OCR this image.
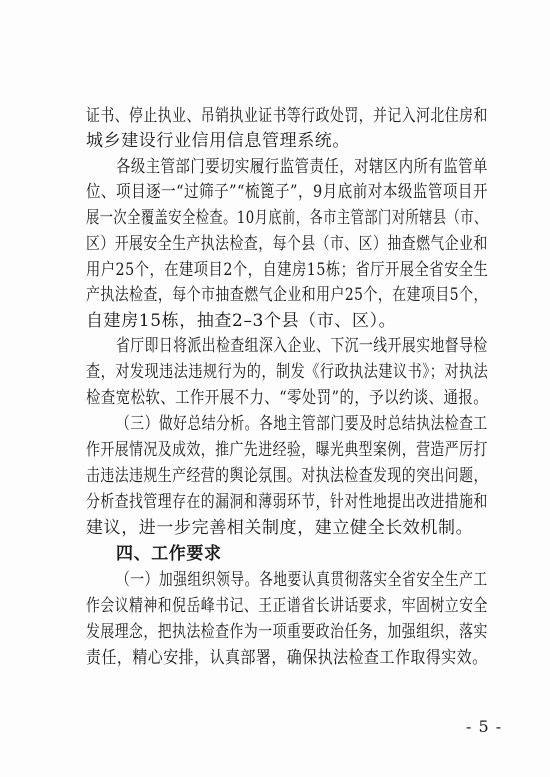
证书、停止执业、吊销执业证书等行政处罚，并记入河北住房和
城乡建设行业信用信息管理系统。
各级主管部门要切实履行监管责任，对辖区内所有监管单
位、项目逐一“过筛子”“梳篦子”，9月底前对本级监管项目开
展一次全覆盖安全检查。10月底前，各市主管部门对所辖县（市、
区）开展安全生产执法检查，每个县（市、区）抽查燃气企业和
用户25个，在建项目2个，自建房15栋；省厅开展全省安全生
产执法检查，每个市抽查燃气企业和用户25个，在建项目5个，
自建房15栋，抽查2–3个县（市、区）。
省厅即日将派出检查组深入企业、下沉一线开展实地督导检
查，对发现违法违规行为的，制发《行政执法建议书》；对执法
检查宽松软、工作开展不力、“零处罚”的，予以约谈、通报。
（三）做好总结分析。各地主管部门要及时总结执法检查工
作开展情况及成效，推广先进经验，曝光典型案例，营造严厉打
击违法违规生产经营的舆论氛围。对执法检查发现的突出问题，
分析查找管理存在的漏洞和薄弱环节，针对性地提出改进措施和
建议，进一步完善相关制度，建立健全长效机制。
四、工作要求
（一）加强组织领导。各地要认真贯彻落实全省安全生产工
作会议精神和倪岳峰书记、王正谱省长讲话要求，牢固树立安全
发展理念，把执法检查作为一项重要政治任务，加强组织，落实
责任，精心安排，认真部署，确保执法检查工作取得实效。
- 5 -
